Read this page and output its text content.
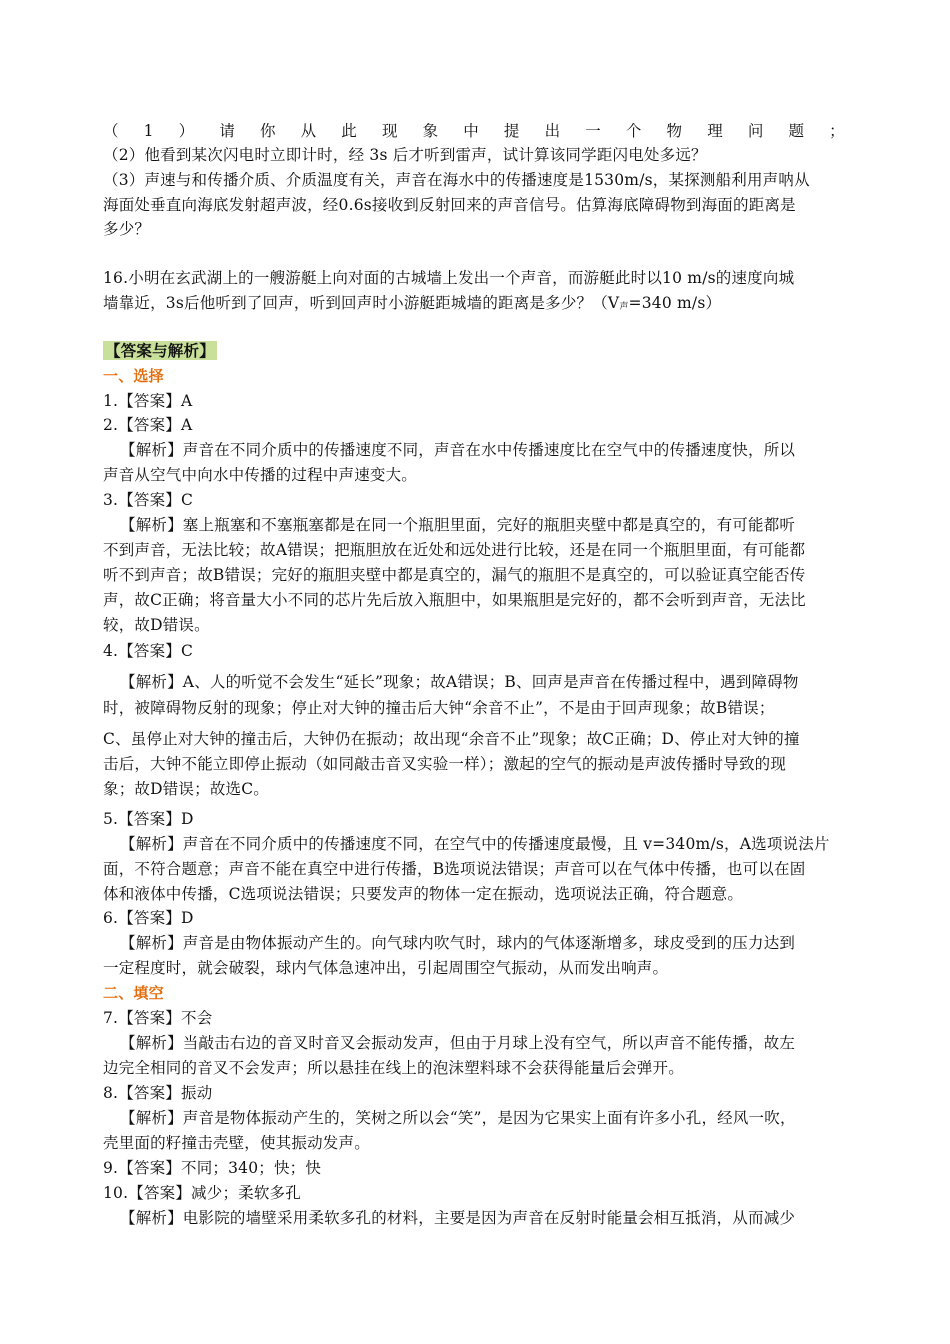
（ 1 ） 请 你 从 此 现 象 中 提 出 一 个 物 理 问 题 ；
（2）他看到某次闪电时立即计时，经 3s 后才听到雷声，试计算该同学距闪电处多远？
（3）声速与和传播介质、介质温度有关，声音在海水中的传播速度是1530m/s，某探测船利用声呐从
海面处垂直向海底发射超声波，经0.6s接收到反射回来的声音信号。估算海底障碍物到海面的距离是
多少？
16.小明在玄武湖上的一艘游艇上向对面的古城墙上发出一个声音，而游艇此时以10 m/s的速度向城
墙靠近，3s后他听到了回声，听到回声时小游艇距城墙的距离是多少？（V声=340 m/s）
【答案与解析】
一、选择
1.【答案】A
2.【答案】A
【解析】声音在不同介质中的传播速度不同，声音在水中传播速度比在空气中的传播速度快，所以
声音从空气中向水中传播的过程中声速变大。
3.【答案】C
【解析】塞上瓶塞和不塞瓶塞都是在同一个瓶胆里面，完好的瓶胆夹壁中都是真空的，有可能都听
不到声音，无法比较；故A错误；把瓶胆放在近处和远处进行比较，还是在同一个瓶胆里面，有可能都
听不到声音；故B错误；完好的瓶胆夹壁中都是真空的，漏气的瓶胆不是真空的，可以验证真空能否传
声，故C正确；将音量大小不同的芯片先后放入瓶胆中，如果瓶胆是完好的，都不会听到声音，无法比
较，故D错误。
4.【答案】C
【解析】A、人的听觉不会发生“延长”现象；故A错误；B、回声是声音在传播过程中，遇到障碍物
时，被障碍物反射的现象；停止对大钟的撞击后大钟“余音不止”，不是由于回声现象；故B错误；
C、虽停止对大钟的撞击后，大钟仍在振动；故出现“余音不止”现象；故C正确；D、停止对大钟的撞
击后，大钟不能立即停止振动（如同敲击音叉实验一样）；激起的空气的振动是声波传播时导致的现
象；故D错误；故选C。
5.【答案】D
【解析】声音在不同介质中的传播速度不同，在空气中的传播速度最慢，且 v=340m/s，A选项说法片
面，不符合题意；声音不能在真空中进行传播，B选项说法错误；声音可以在气体中传播，也可以在固
体和液体中传播，C选项说法错误；只要发声的物体一定在振动，选项说法正确，符合题意。
6.【答案】D
【解析】声音是由物体振动产生的。向气球内吹气时，球内的气体逐渐增多，球皮受到的压力达到
一定程度时，就会破裂，球内气体急速冲出，引起周围空气振动，从而发出响声。
二、填空
7.【答案】不会
【解析】当敲击右边的音叉时音叉会振动发声，但由于月球上没有空气，所以声音不能传播，故左
边完全相同的音叉不会发声；所以悬挂在线上的泡沫塑料球不会获得能量后会弹开。
8.【答案】振动
【解析】声音是物体振动产生的，笑树之所以会“笑”，是因为它果实上面有许多小孔，经风一吹，
壳里面的籽撞击壳壁，使其振动发声。
9.【答案】不同；340；快；快
10.【答案】减少；柔软多孔
【解析】电影院的墙壁采用柔软多孔的材料，主要是因为声音在反射时能量会相互抵消，从而减少
